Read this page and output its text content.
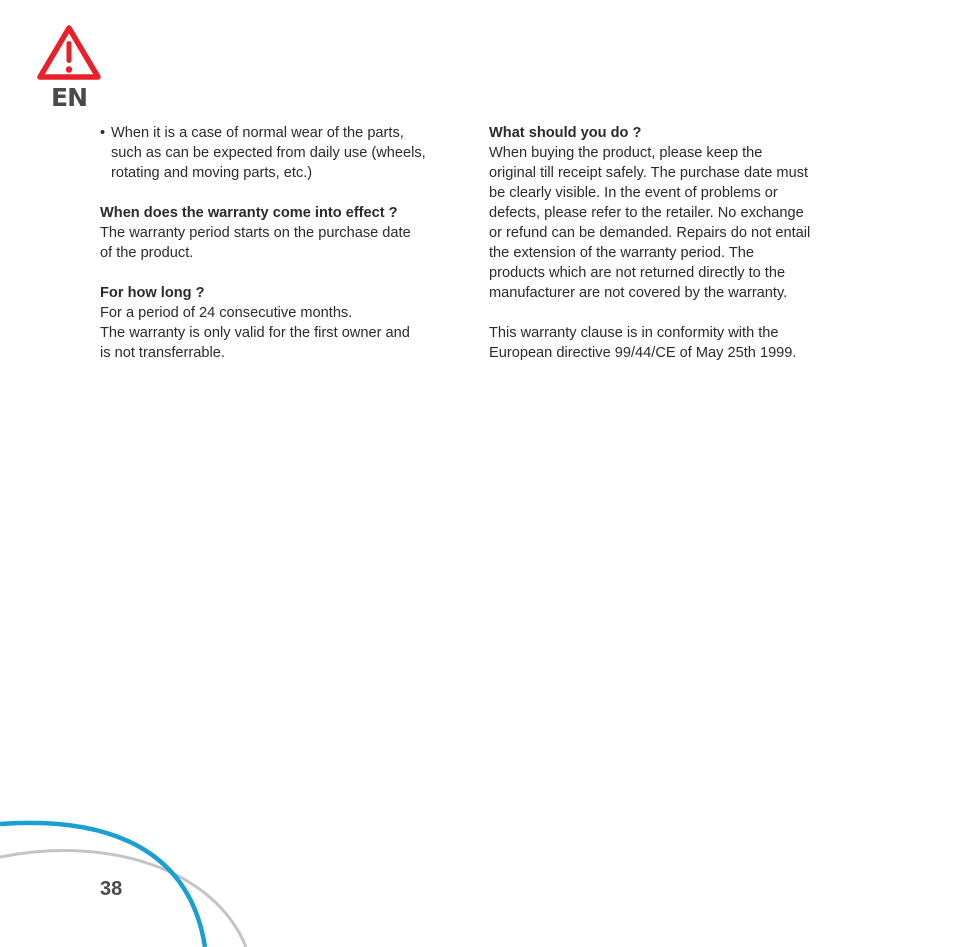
EN
• When it is a case of normal wear of the parts,
such as can be expected from daily use (wheels,
rotating and moving parts, etc.)

When does the warranty come into effect ?

The warranty period starts on the purchase date
of the product.

For how long ?

For a period of 24 consecutive months.
The warranty is only valid for the first owner and
is not transferrable.

What should you do ?

When buying the product, please keep the
original till receipt safely. The purchase date must
be clearly visible. In the event of problems or
defects, please refer to the retailer. No exchange
or refund can be demanded. Repairs do not entail
the extension of the warranty period. The
products which are not returned directly to the
manufacturer are not covered by the warranty.

This warranty clause is in conformity with the
European directive 99/44/CE of May 25th 1999.

38
